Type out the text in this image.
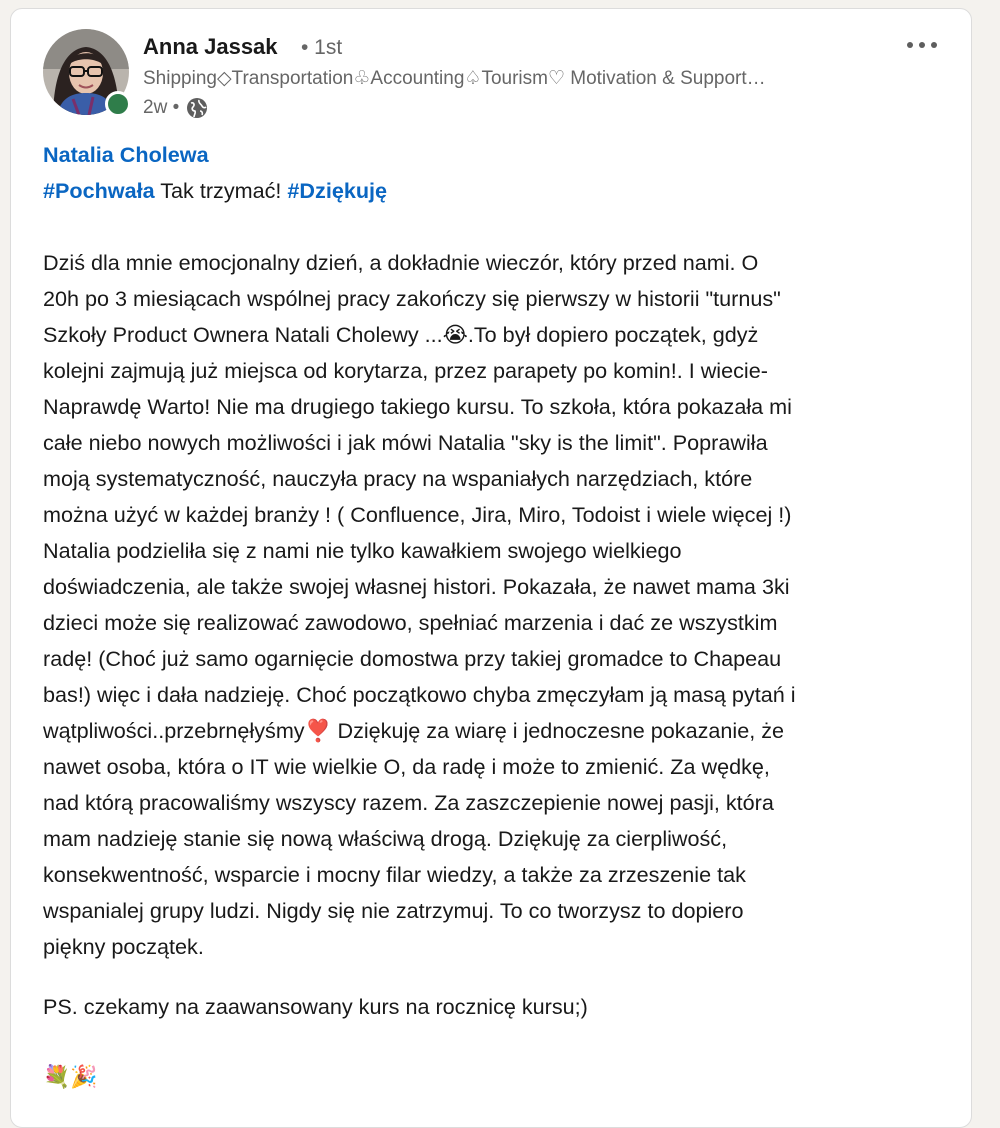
Anna Jassak • 1st
Shipping◇Transportation♧Accounting♤Tourism♡ Motivation & Support…
2w •
Natalia Cholewa
#Pochwała Tak trzymać! #Dziękuję
Dziś dla mnie emocjonalny dzień, a dokładnie wieczór, który przed nami. O
20h po 3 miesiącach wspólnej pracy zakończy się pierwszy w historii "turnus"
Szkoły Product Ownera Natali Cholewy ...😭.To był dopiero początek, gdyż
kolejni zajmują już miejsca od korytarza, przez parapety po komin!. I wiecie-
Naprawdę Warto! Nie ma drugiego takiego kursu. To szkoła, która pokazała mi
całe niebo nowych możliwości i jak mówi Natalia "sky is the limit". Poprawiła
moją systematyczność, nauczyła pracy na wspaniałych narzędziach, które
można użyć w każdej branży ! ( Confluence, Jira, Miro, Todoist i wiele więcej !)
Natalia podzieliła się z nami nie tylko kawałkiem swojego wielkiego
doświadczenia, ale także swojej własnej histori. Pokazała, że nawet mama 3ki
dzieci może się realizować zawodowo, spełniać marzenia i dać ze wszystkim
radę! (Choć już samo ogarnięcie domostwa przy takiej gromadce to Chapeau
bas!) więc i dała nadzieję. Choć początkowo chyba zmęczyłam ją masą pytań i
wątpliwości..przebrnęłyśmy❣️ Dziękuję za wiarę i jednoczesne pokazanie, że
nawet osoba, która o IT wie wielkie O, da radę i może to zmienić. Za wędkę,
nad którą pracowaliśmy wszyscy razem. Za zaszczepienie nowej pasji, która
mam nadzieję stanie się nową właściwą drogą. Dziękuję za cierpliwość,
konsekwentność, wsparcie i mocny filar wiedzy, a także za zrzeszenie tak
wspanialej grupy ludzi. Nigdy się nie zatrzymuj. To co tworzysz to dopiero
piękny początek.
PS. czekamy na zaawansowany kurs na rocznicę kursu;)
💐🎉
